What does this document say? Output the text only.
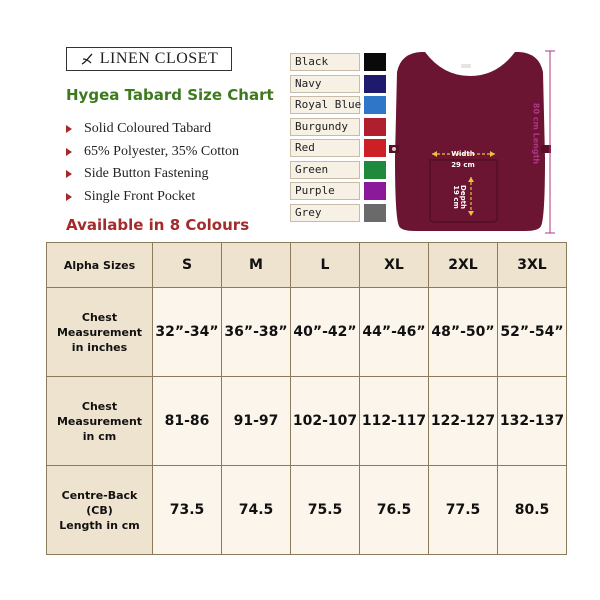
LINEN CLOSET
Hygea Tabard Size Chart
Solid Coloured Tabard
65% Polyester, 35% Cotton
Side Button Fastening
Single Front Pocket
Available in 8 Colours
Black
Navy
Royal Blue
Burgundy
Red
Green
Purple
Grey
Width
29 cm
Depth
19 cm
80 cm Length
Alpha Sizes	S	M	L	XL	2XL	3XL

Chest
Measurement
in inches	32”-34”	36”-38”	40”-42”	44”-46”	48”-50”	52”-54”

Chest
Measurement
in cm	81-86	91-97	102-107	112-117	122-127	132-137

Centre-Back
(CB)
Length in cm	73.5	74.5	75.5	76.5	77.5	80.5
